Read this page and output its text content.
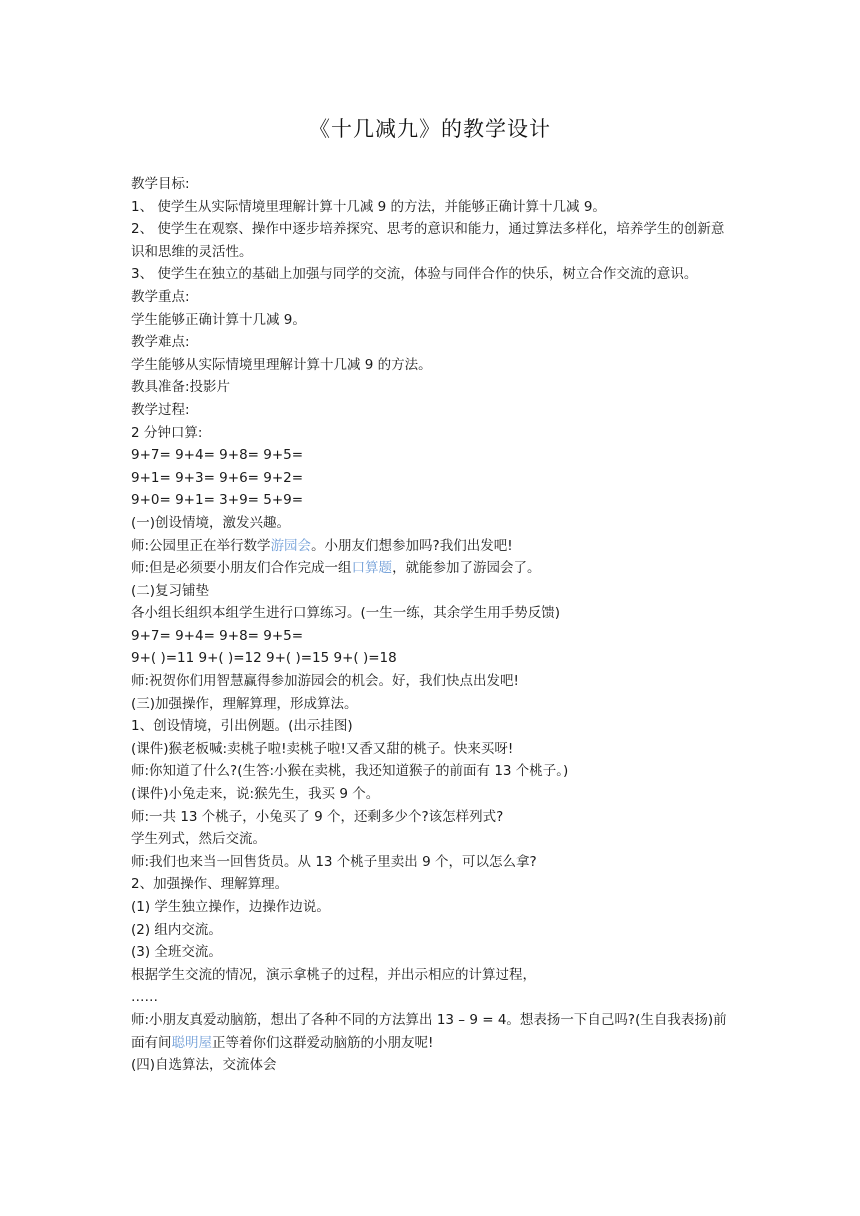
《十几减九》的教学设计

教学目标:

1、 使学生从实际情境里理解计算十几减 9 的方法，并能够正确计算十几减 9。

2、 使学生在观察、操作中逐步培养探究、思考的意识和能力，通过算法多样化，培养学生的创新意识和思维的灵活性。

3、 使学生在独立的基础上加强与同学的交流，体验与同伴合作的快乐，树立合作交流的意识。

教学重点:

学生能够正确计算十几减 9。

教学难点:

学生能够从实际情境里理解计算十几减 9 的方法。

教具准备:投影片

教学过程:

2 分钟口算:

9+7= 9+4= 9+8= 9+5=

9+1= 9+3= 9+6= 9+2=

9+0= 9+1= 3+9= 5+9=

(一)创设情境，激发兴趣。

师:公园里正在举行数学游园会。小朋友们想参加吗?我们出发吧!

师:但是必须要小朋友们合作完成一组口算题，就能参加了游园会了。

(二)复习铺垫

各小组长组织本组学生进行口算练习。(一生一练，其余学生用手势反馈)

9+7= 9+4= 9+8= 9+5=

9+( )=11 9+( )=12 9+( )=15 9+( )=18

师:祝贺你们用智慧赢得参加游园会的机会。好，我们快点出发吧!

(三)加强操作，理解算理，形成算法。

1、创设情境，引出例题。(出示挂图)

(课件)猴老板喊:卖桃子啦!卖桃子啦!又香又甜的桃子。快来买呀!

师:你知道了什么?(生答:小猴在卖桃，我还知道猴子的前面有 13 个桃子。)

(课件)小兔走来，说:猴先生，我买 9 个。

师:一共 13 个桃子，小兔买了 9 个，还剩多少个?该怎样列式?

学生列式，然后交流。

师:我们也来当一回售货员。从 13 个桃子里卖出 9 个，可以怎么拿?

2、加强操作、理解算理。

(1) 学生独立操作，边操作边说。

(2) 组内交流。

(3) 全班交流。

根据学生交流的情况，演示拿桃子的过程，并出示相应的计算过程，

……

师:小朋友真爱动脑筋，想出了各种不同的方法算出 13 – 9 = 4。想表扬一下自己吗?(生自我表扬)前面有间聪明屋正等着你们这群爱动脑筋的小朋友呢!

(四)自选算法，交流体会
